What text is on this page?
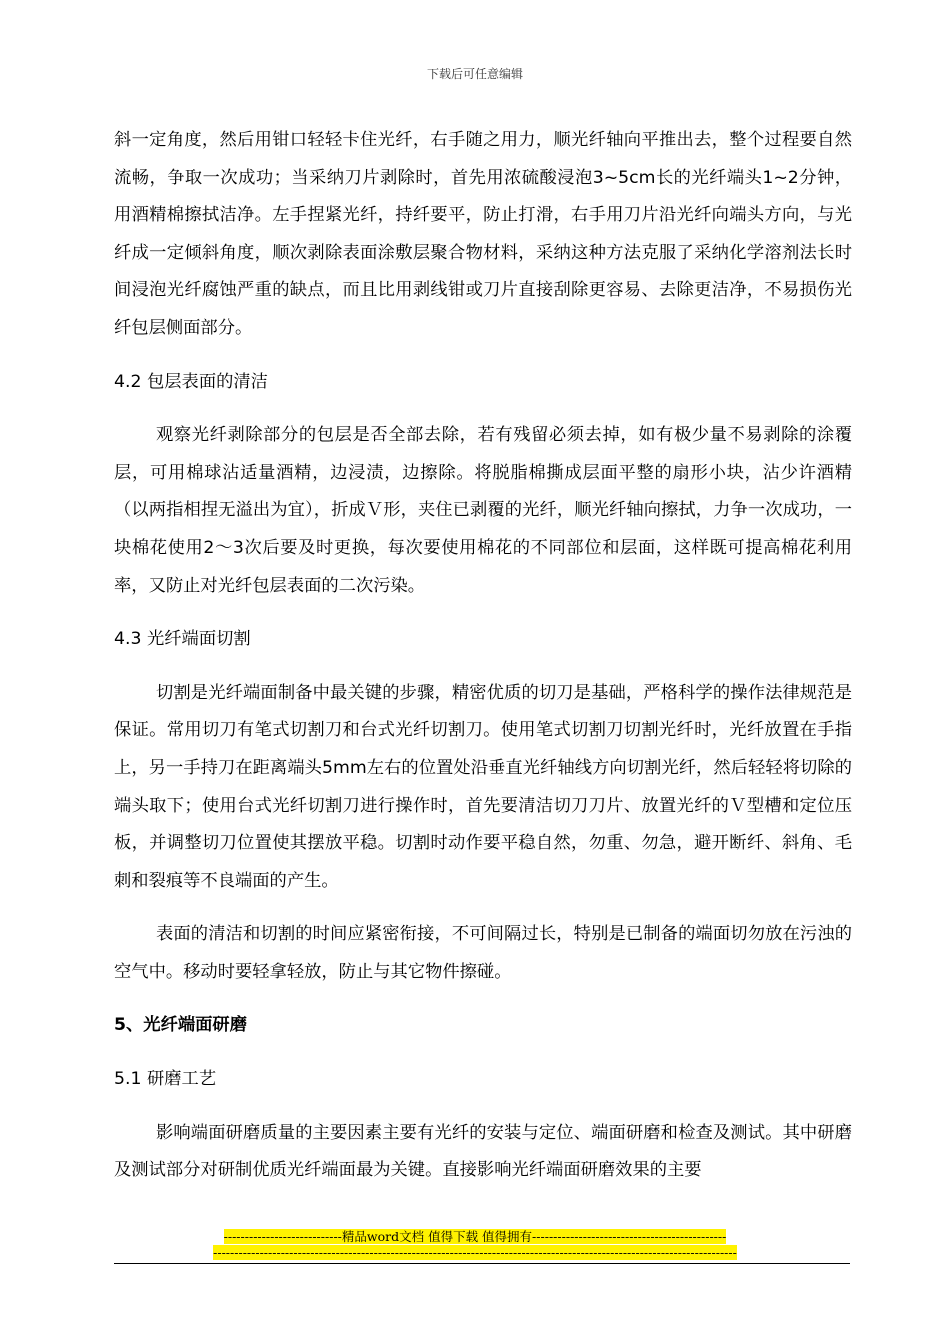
下载后可任意编辑

斜一定角度，然后用钳口轻轻卡住光纤，右手随之用力，顺光纤轴向平推出去，整个过程要自然流畅，争取一次成功；当采纳刀片剥除时，首先用浓硫酸浸泡3~5cm长的光纤端头1~2分钟，用酒精棉擦拭洁净。左手捏紧光纤，持纤要平，防止打滑，右手用刀片沿光纤向端头方向，与光纤成一定倾斜角度，顺次剥除表面涂敷层聚合物材料，采纳这种方法克服了采纳化学溶剂法长时间浸泡光纤腐蚀严重的缺点，而且比用剥线钳或刀片直接刮除更容易、去除更洁净，不易损伤光纤包层侧面部分。

4.2 包层表面的清洁

观察光纤剥除部分的包层是否全部去除，若有残留必须去掉，如有极少量不易剥除的涂覆层，可用棉球沾适量酒精，边浸渍，边擦除。将脱脂棉撕成层面平整的扇形小块，沾少许酒精（以两指相捏无溢出为宜），折成Ｖ形，夹住已剥覆的光纤，顺光纤轴向擦拭，力争一次成功，一块棉花使用2～3次后要及时更换，每次要使用棉花的不同部位和层面，这样既可提高棉花利用率，又防止对光纤包层表面的二次污染。

4.3 光纤端面切割

切割是光纤端面制备中最关键的步骤，精密优质的切刀是基础，严格科学的操作法律规范是保证。常用切刀有笔式切割刀和台式光纤切割刀。使用笔式切割刀切割光纤时，光纤放置在手指上，另一手持刀在距离端头5mm左右的位置处沿垂直光纤轴线方向切割光纤，然后轻轻将切除的端头取下；使用台式光纤切割刀进行操作时，首先要清洁切刀刀片、放置光纤的Ｖ型槽和定位压板，并调整切刀位置使其摆放平稳。切割时动作要平稳自然，勿重、勿急，避开断纤、斜角、毛刺和裂痕等不良端面的产生。

表面的清洁和切割的时间应紧密衔接，不可间隔过长，特别是已制备的端面切勿放在污浊的空气中。移动时要轻拿轻放，防止与其它物件擦碰。

5、光纤端面研磨
5.1 研磨工艺

影响端面研磨质量的主要因素主要有光纤的安装与定位、端面研磨和检查及测试。其中研磨及测试部分对研制优质光纤端面最为关键。直接影响光纤端面研磨效果的主要

----------------------------精品word文档 值得下载 值得拥有----------------------------------------------
----------------------------------------------------------------------------------------------------------------------------
